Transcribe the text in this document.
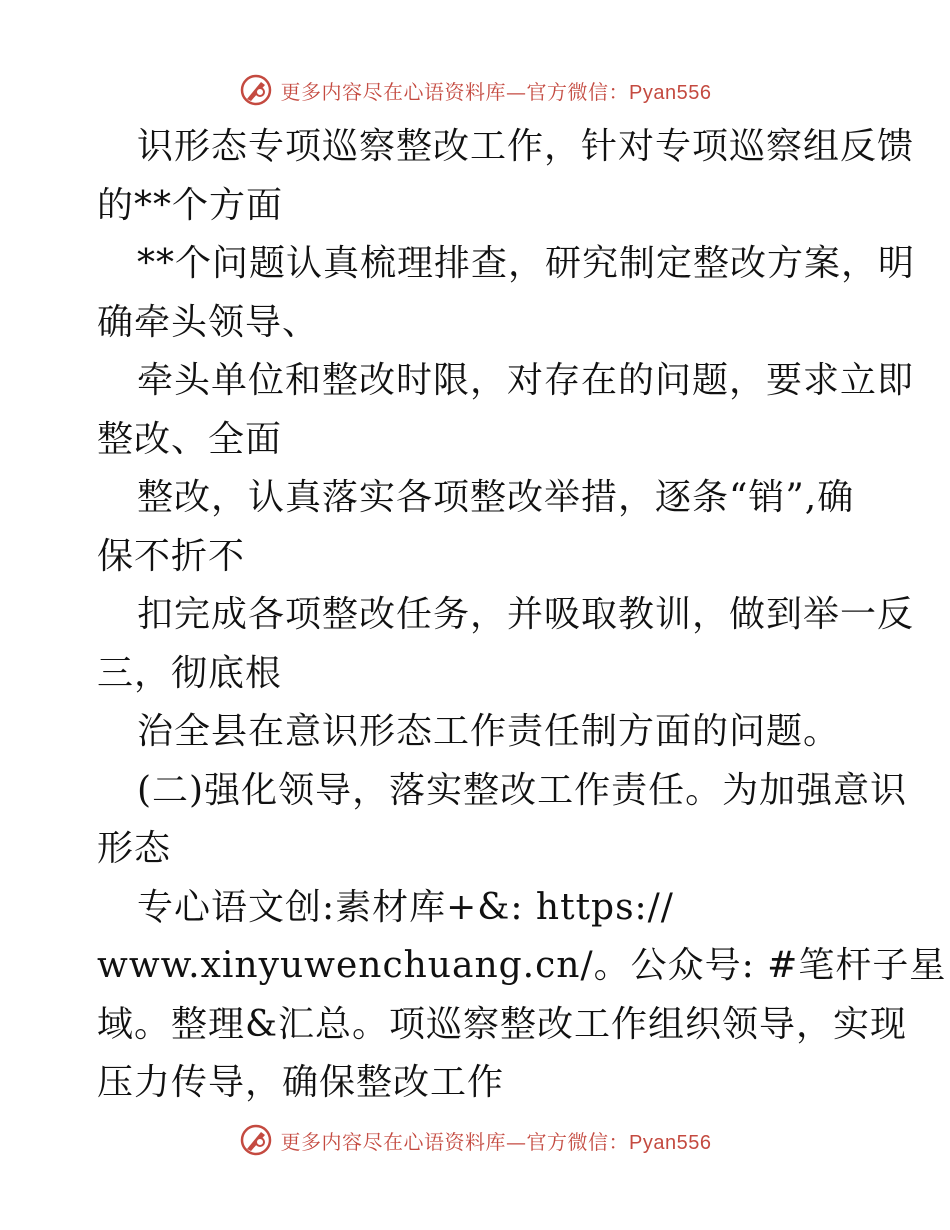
更多内容尽在心语资料库—官方微信：Pyan556
识形态专项巡察整改工作，针对专项巡察组反馈
的**个方面
**个问题认真梳理排查，研究制定整改方案，明
确牵头领导、
牵头单位和整改时限，对存在的问题，要求立即
整改、全面
整改，认真落实各项整改举措，逐条“销”,确
保不折不
扣完成各项整改任务，并吸取教训，做到举一反
三，彻底根
治全县在意识形态工作责任制方面的问题。
(二)强化领导，落实整改工作责任。为加强意识
形态
专心语文创:素材库+&: https://
www.xinyuwenchuang.cn/。公众号: #笔杆子星
域。整理&汇总。项巡察整改工作组织领导，实现
压力传导，确保整改工作
更多内容尽在心语资料库—官方微信：Pyan556
